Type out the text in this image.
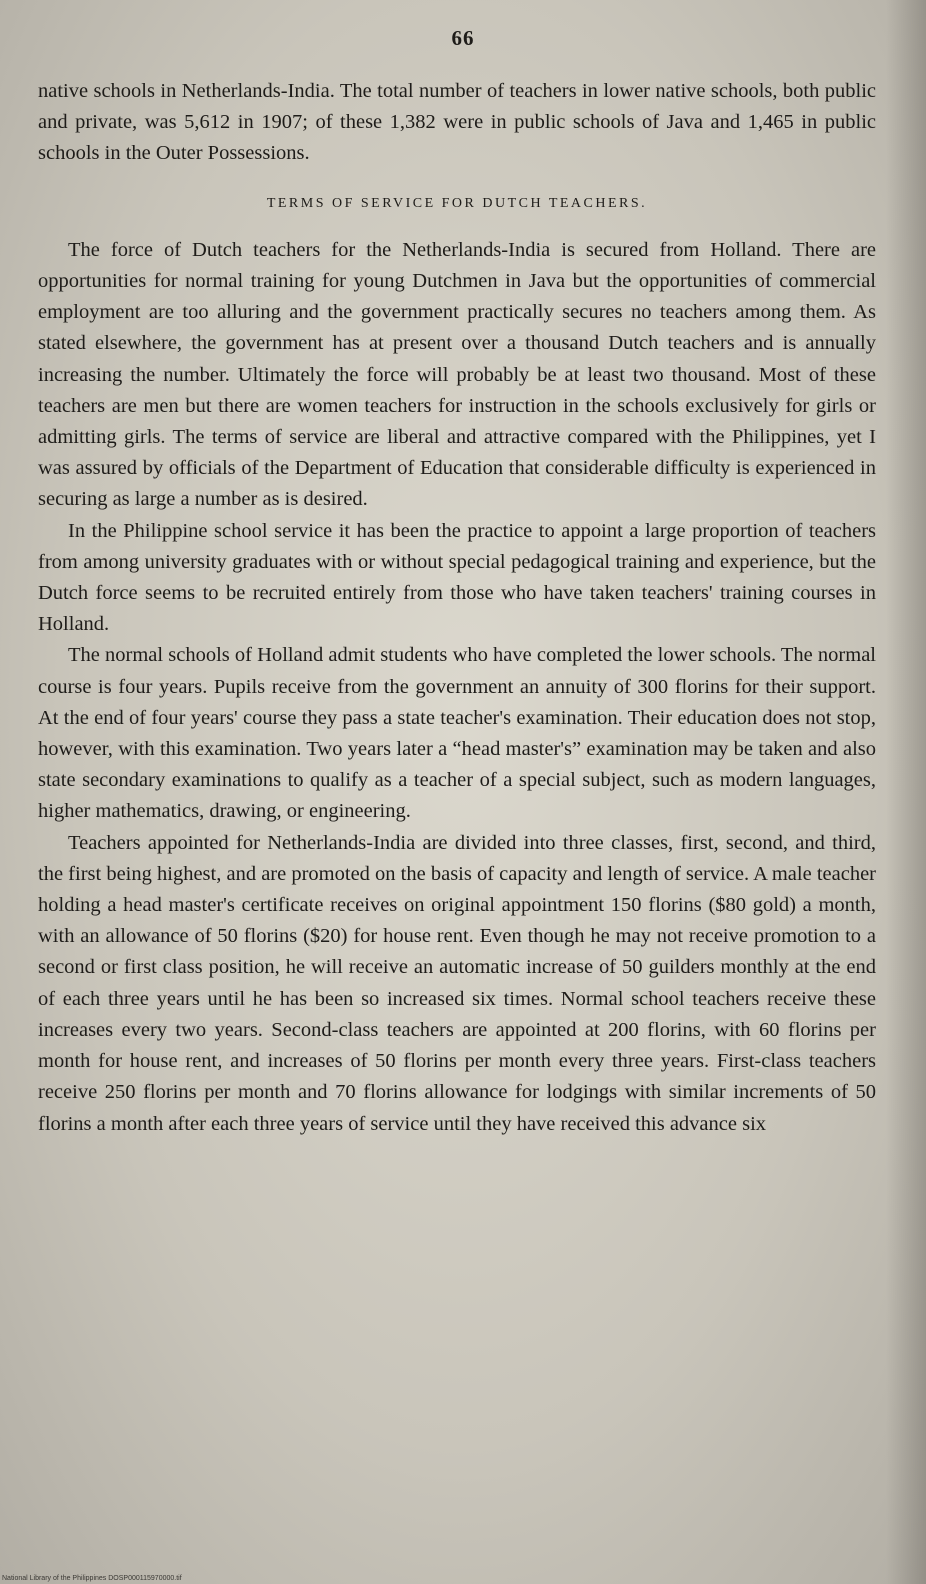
66

native schools in Netherlands-India. The total number of teachers in lower native schools, both public and private, was 5,612 in 1907; of these 1,382 were in public schools of Java and 1,465 in public schools in the Outer Possessions.

TERMS OF SERVICE FOR DUTCH TEACHERS.

The force of Dutch teachers for the Netherlands-India is secured from Holland. There are opportunities for normal training for young Dutchmen in Java but the opportunities of commercial employment are too alluring and the government practically secures no teachers among them. As stated elsewhere, the government has at present over a thousand Dutch teachers and is annually increasing the number. Ultimately the force will probably be at least two thousand. Most of these teachers are men but there are women teachers for instruction in the schools exclusively for girls or admitting girls. The terms of service are liberal and attractive compared with the Philippines, yet I was assured by officials of the Department of Education that considerable difficulty is experienced in securing as large a number as is desired.

In the Philippine school service it has been the practice to appoint a large proportion of teachers from among university graduates with or without special pedagogical training and experience, but the Dutch force seems to be recruited entirely from those who have taken teachers' training courses in Holland.

The normal schools of Holland admit students who have completed the lower schools. The normal course is four years. Pupils receive from the government an annuity of 300 florins for their support. At the end of four years' course they pass a state teacher's examination. Their education does not stop, however, with this examination. Two years later a “head master's” examination may be taken and also state secondary examinations to qualify as a teacher of a special subject, such as modern languages, higher mathematics, drawing, or engineering.

Teachers appointed for Netherlands-India are divided into three classes, first, second, and third, the first being highest, and are promoted on the basis of capacity and length of service. A male teacher holding a head master's certificate receives on original appointment 150 florins ($80 gold) a month, with an allowance of 50 florins ($20) for house rent. Even though he may not receive promotion to a second or first class position, he will receive an automatic increase of 50 guilders monthly at the end of each three years until he has been so increased six times. Normal school teachers receive these increases every two years. Second-class teachers are appointed at 200 florins, with 60 florins per month for house rent, and increases of 50 florins per month every three years. First-class teachers receive 250 florins per month and 70 florins allowance for lodgings with similar increments of 50 florins a month after each three years of service until they have received this advance six

National Library of the Philippines DOSP000115970000.tif
